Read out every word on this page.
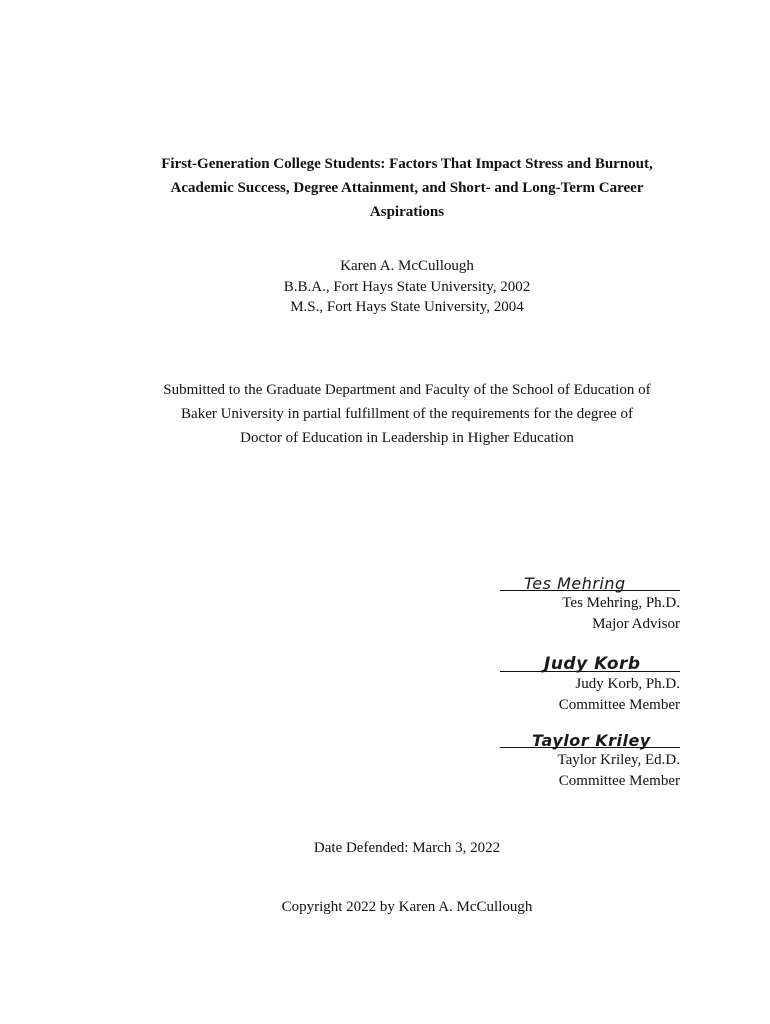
First-Generation College Students: Factors That Impact Stress and Burnout,
Academic Success, Degree Attainment, and Short- and Long-Term Career
Aspirations
Karen A. McCullough
B.B.A., Fort Hays State University, 2002
M.S., Fort Hays State University, 2004
Submitted to the Graduate Department and Faculty of the School of Education of
Baker University in partial fulfillment of the requirements for the degree of
Doctor of Education in Leadership in Higher Education
Tes Mehring
Tes Mehring, Ph.D.
Major Advisor
Judy Korb
Judy Korb, Ph.D.
Committee Member
Taylor Kriley
Taylor Kriley, Ed.D.
Committee Member
Date Defended: March 3, 2022
Copyright 2022 by Karen A. McCullough
